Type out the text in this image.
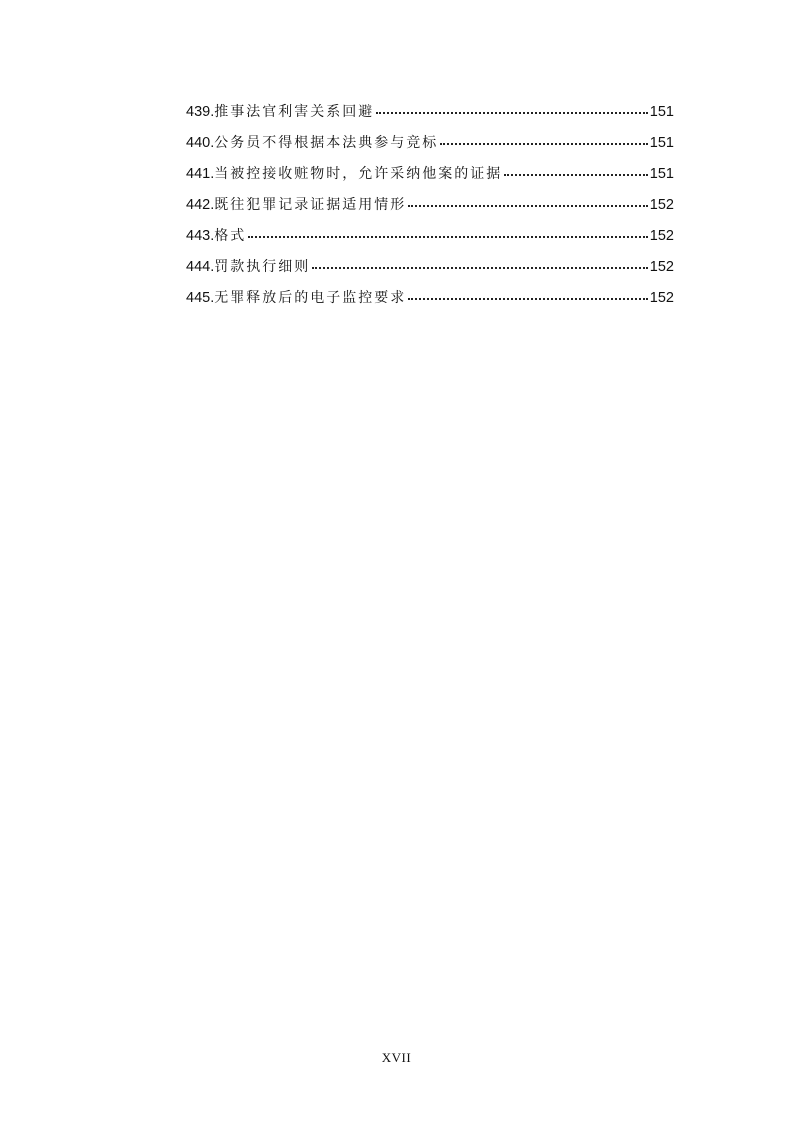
439. 推事法官利害关系回避	151
440. 公务员不得根据本法典参与竞标	151
441. 当被控接收赃物时，允许采纳他案的证据	151
442. 既往犯罪记录证据适用情形	152
443. 格式	152
444. 罚款执行细则	152
445. 无罪释放后的电子监控要求	152
XVII
